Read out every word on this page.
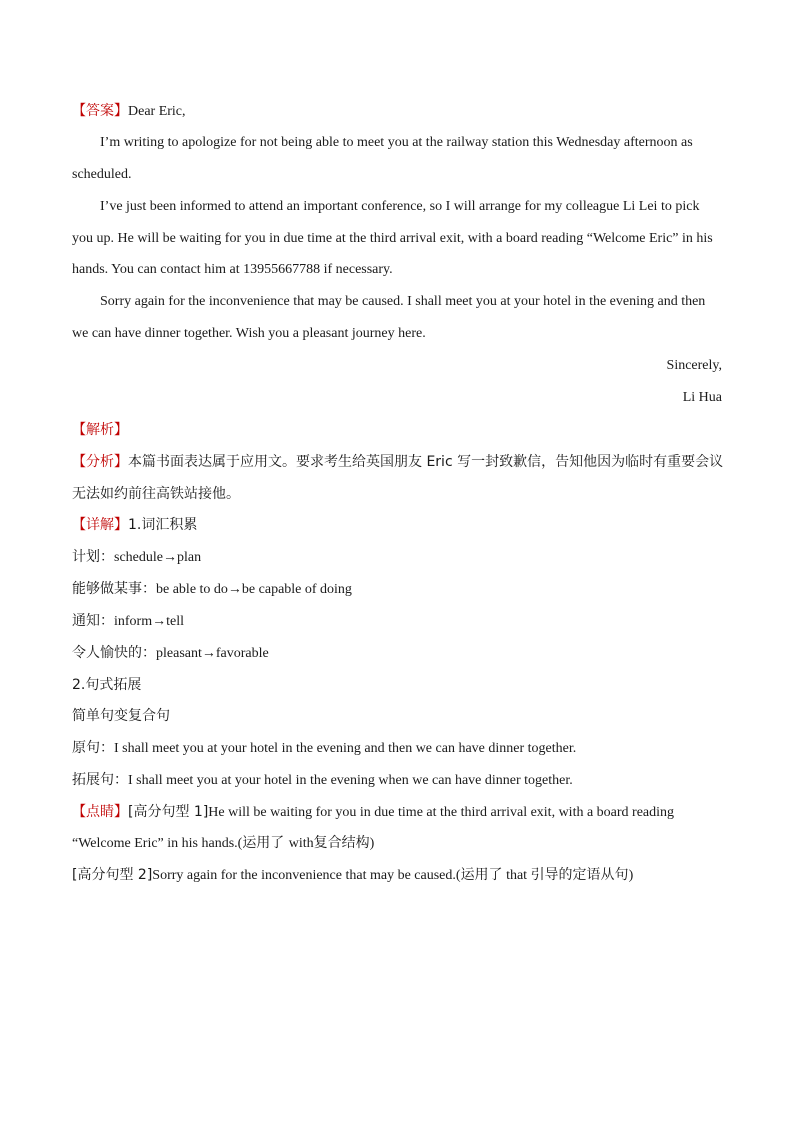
【答案】Dear Eric,
I’m writing to apologize for not being able to meet you at the railway station this Wednesday afternoon as
scheduled.
I’ve just been informed to attend an important conference, so I will arrange for my colleague Li Lei to pick
you up. He will be waiting for you in due time at the third arrival exit, with a board reading “Welcome Eric” in his
hands. You can contact him at 13955667788 if necessary.
Sorry again for the inconvenience that may be caused. I shall meet you at your hotel in the evening and then
we can have dinner together. Wish you a pleasant journey here.
Sincerely,
Li Hua
【解析】
【分析】本篇书面表达属于应用文。要求考生给英国朋友 Eric 写一封致歉信，告知他因为临时有重要会议
无法如约前往高铁站接他。
【详解】1.词汇积累
计划：schedule→plan
能够做某事：be able to do→be capable of doing
通知：inform→tell
令人愉快的：pleasant→favorable
2.句式拓展
简单句变复合句
原句：I shall meet you at your hotel in the evening and then we can have dinner together.
拓展句：I shall meet you at your hotel in the evening when we can have dinner together.
【点睛】[高分句型 1]He will be waiting for you in due time at the third arrival exit, with a board reading
“Welcome Eric” in his hands.(运用了 with复合结构)
[高分句型 2]Sorry again for the inconvenience that may be caused.(运用了 that 引导的定语从句)
